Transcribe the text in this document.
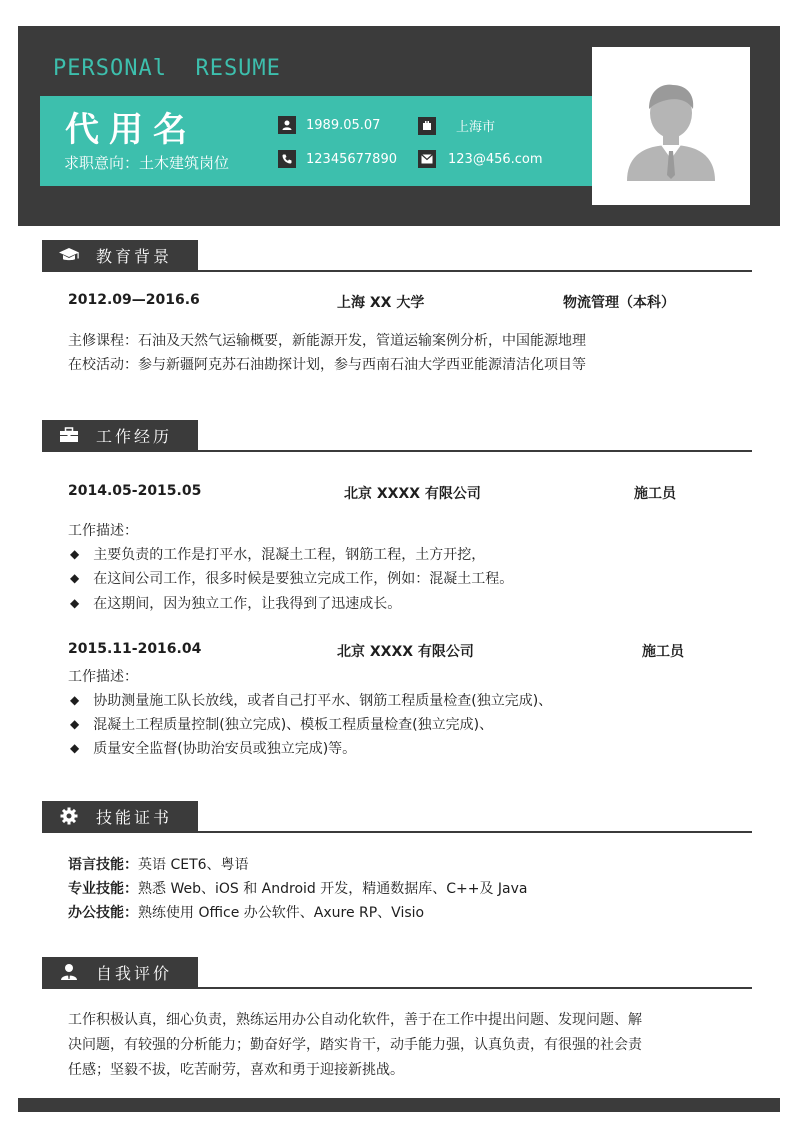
PERSONAl  RESUME
代用名
求职意向：土木建筑岗位
1989.05.07	上海市
12345677890	123@456.com
教育背景
2012.09—2016.6	上海 XX 大学	物流管理（本科）
主修课程：石油及天然气运输概要，新能源开发，管道运输案例分析，中国能源地理
在校活动：参与新疆阿克苏石油勘探计划，参与西南石油大学西亚能源清洁化项目等
工作经历
2014.05-2015.05	北京 XXXX 有限公司	施工员
工作描述：
◆ 主要负责的工作是打平水，混凝土工程，钢筋工程，土方开挖，
◆ 在这间公司工作，很多时候是要独立完成工作，例如：混凝土工程。
◆ 在这期间，因为独立工作，让我得到了迅速成长。
2015.11-2016.04	北京 XXXX 有限公司	施工员
工作描述：
◆ 协助测量施工队长放线，或者自己打平水、钢筋工程质量检查(独立完成)、
◆ 混凝土工程质量控制(独立完成)、模板工程质量检查(独立完成)、
◆ 质量安全监督(协助治安员或独立完成)等。
技能证书
语言技能：英语 CET6、粤语
专业技能：熟悉 Web、iOS 和 Android 开发，精通数据库、C++及 Java
办公技能：熟练使用 Office 办公软件、Axure RP、Visio
自我评价
工作积极认真，细心负责，熟练运用办公自动化软件，善于在工作中提出问题、发现问题、解
决问题，有较强的分析能力；勤奋好学，踏实肯干，动手能力强，认真负责，有很强的社会责
任感；坚毅不拔，吃苦耐劳，喜欢和勇于迎接新挑战。
